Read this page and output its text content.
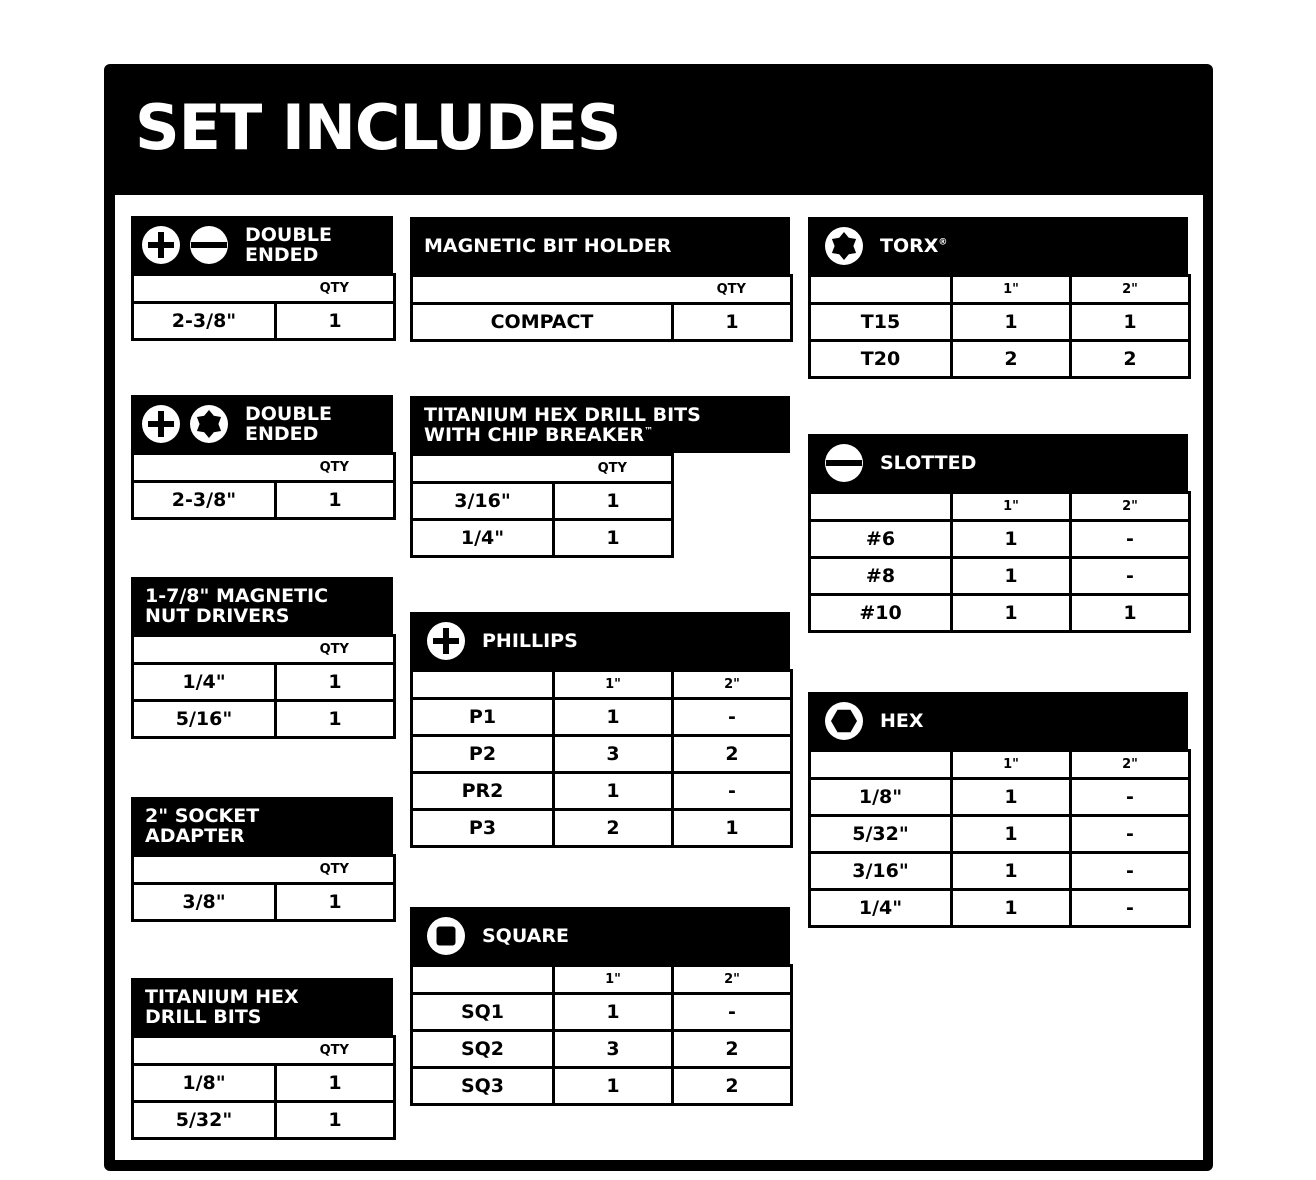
SET INCLUDES
DOUBLE
ENDED
	QTY
2-3/8"	1
DOUBLE
ENDED
	QTY
2-3/8"	1
1-7/8" MAGNETIC
NUT DRIVERS
	QTY
1/4"	1
5/16"	1
2" SOCKET
ADAPTER
	QTY
3/8"	1
TITANIUM HEX
DRILL BITS
	QTY
1/8"	1
5/32"	1
MAGNETIC BIT HOLDER
	QTY
COMPACT	1
TITANIUM HEX DRILL BITS
WITH CHIP BREAKER™
	QTY
3/16"	1
1/4"	1
PHILLIPS
	1"	2"
P1	1	-
P2	3	2
PR2	1	-
P3	2	1
SQUARE
	1"	2"
SQ1	1	-
SQ2	3	2
SQ3	1	2
TORX®
	1"	2"
T15	1	1
T20	2	2
SLOTTED
	1"	2"
#6	1	-
#8	1	-
#10	1	1
HEX
	1"	2"
1/8"	1	-
5/32"	1	-
3/16"	1	-
1/4"	1	-
